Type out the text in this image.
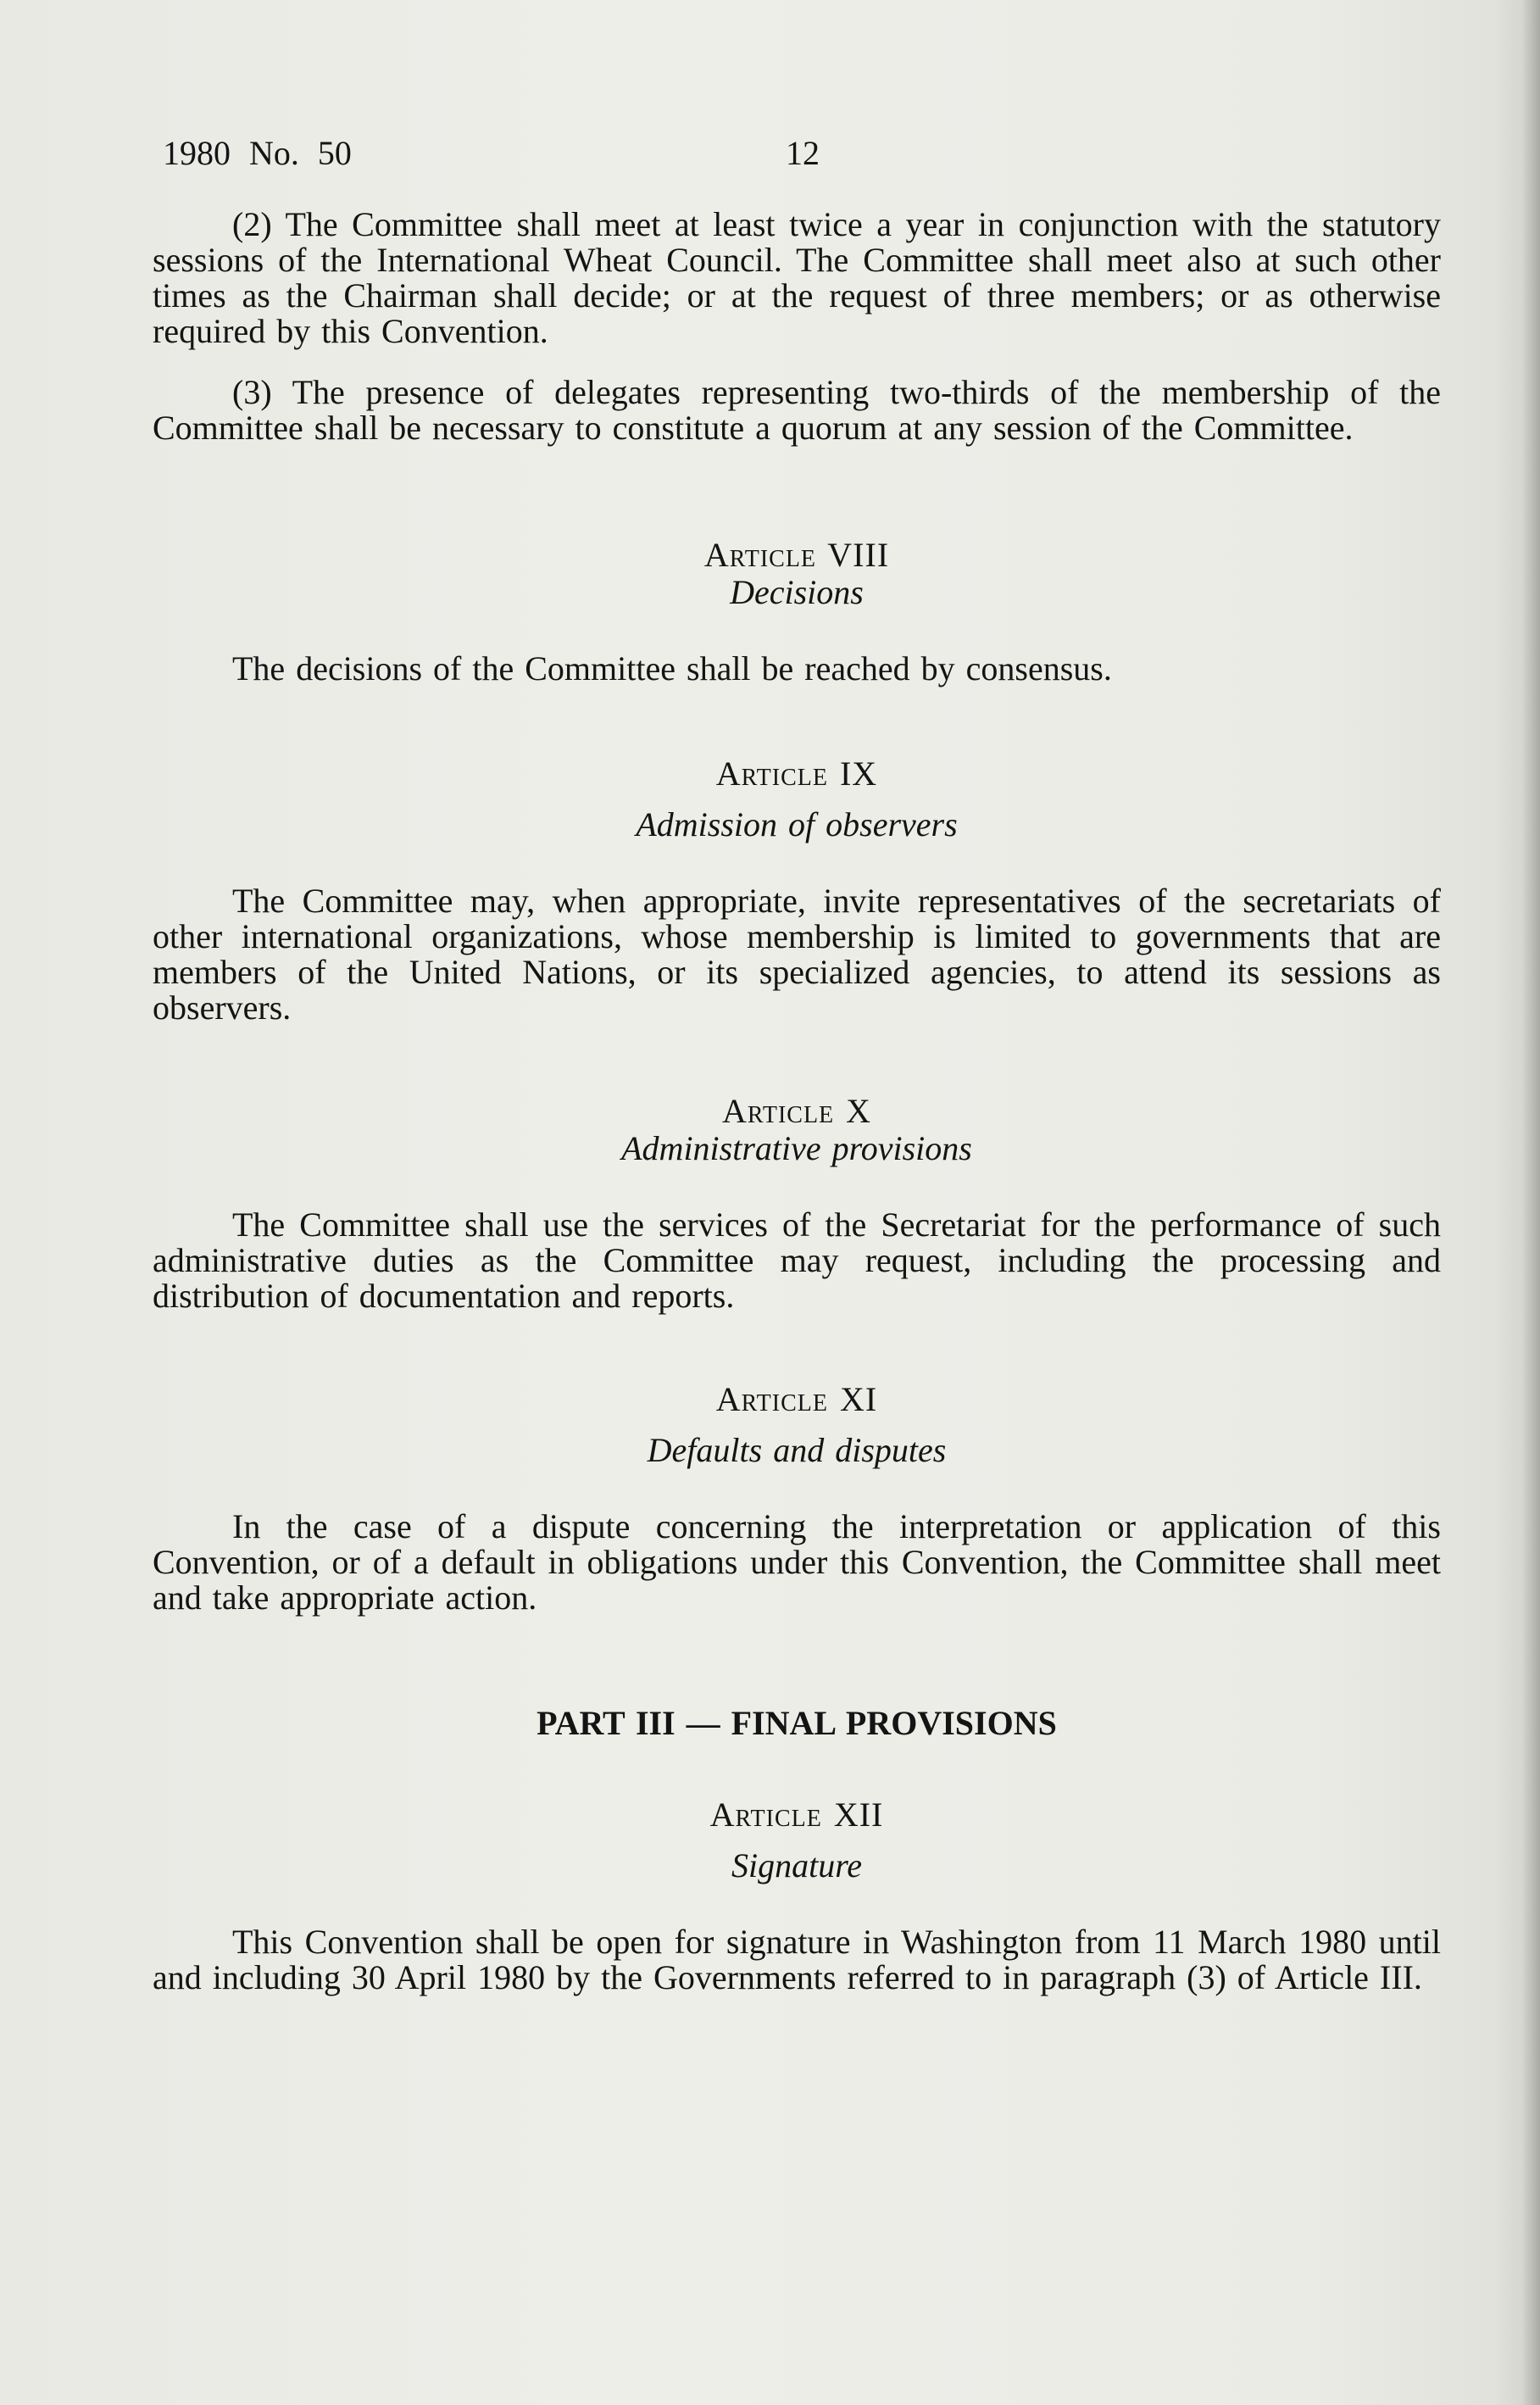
1980 No. 50	12

(2) The Committee shall meet at least twice a year in conjunction with the statutory sessions of the International Wheat Council. The Committee shall meet also at such other times as the Chairman shall decide; or at the request of three members; or as otherwise required by this Convention.

(3) The presence of delegates representing two-thirds of the membership of the Committee shall be necessary to constitute a quorum at any session of the Committee.

Article VIII

Decisions

The decisions of the Committee shall be reached by consensus.

Article IX

Admission of observers

The Committee may, when appropriate, invite representatives of the secretariats of other international organizations, whose membership is limited to governments that are members of the United Nations, or its specialized agencies, to attend its sessions as observers.

Article X

Administrative provisions

The Committee shall use the services of the Secretariat for the performance of such administrative duties as the Committee may request, including the processing and distribution of documentation and reports.

Article XI

Defaults and disputes

In the case of a dispute concerning the interpretation or application of this Convention, or of a default in obligations under this Convention, the Committee shall meet and take appropriate action.

PART III — FINAL PROVISIONS

Article XII

Signature

This Convention shall be open for signature in Washington from 11 March 1980 until and including 30 April 1980 by the Governments referred to in paragraph (3) of Article III.
